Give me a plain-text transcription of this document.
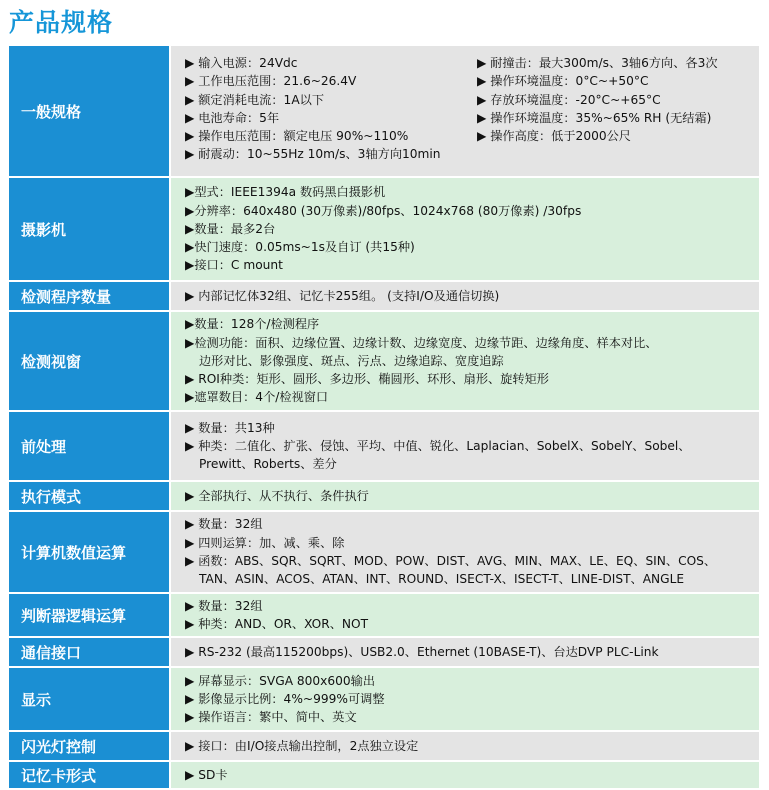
产品规格
一般规格
▶ 输入电源：24Vdc
▶ 工作电压范围：21.6~26.4V
▶ 额定消耗电流：1A以下
▶ 电池寿命：5年
▶ 操作电压范围：额定电压 90%~110%
▶ 耐震动：10~55Hz 10m/s、3轴方向10min
▶ 耐撞击：最大300m/s、3轴6方向、各3次
▶ 操作环境温度：0°C~+50°C
▶ 存放环境温度：-20°C~+65°C
▶ 操作环境温度：35%~65% RH (无结霜)
▶ 操作高度：低于2000公尺
摄影机
▶型式：IEEE1394a 数码黑白摄影机
▶分辨率：640x480 (30万像素)/80fps、1024x768 (80万像素) /30fps
▶数量：最多2台
▶快门速度：0.05ms~1s及自订 (共15种)
▶接口：C mount
检测程序数量	▶ 内部记忆体32组、记忆卡255组。 (支持I/O及通信切换)
检测视窗
▶数量：128个/检测程序
▶检测功能：面积、边缘位置、边缘计数、边缘宽度、边缘节距、边缘角度、样本对比、
边形对比、影像强度、斑点、污点、边缘追踪、宽度追踪
▶ ROI种类：矩形、圆形、多边形、椭圆形、环形、扇形、旋转矩形
▶遮罩数目：4个/检视窗口
前处理
▶ 数量：共13种
▶ 种类：二值化、扩张、侵蚀、平均、中值、锐化、Laplacian、SobelX、SobelY、Sobel、
Prewitt、Roberts、差分
执行模式	▶ 全部执行、从不执行、条件执行
计算机数值运算
▶ 数量：32组
▶ 四则运算：加、减、乘、除
▶ 函数：ABS、SQR、SQRT、MOD、POW、DIST、AVG、MIN、MAX、LE、EQ、SIN、COS、
TAN、ASIN、ACOS、ATAN、INT、ROUND、ISECT-X、ISECT-T、LINE-DIST、ANGLE
判断器逻辑运算
▶ 数量：32组
▶ 种类：AND、OR、XOR、NOT
通信接口	▶ RS-232 (最高115200bps)、USB2.0、Ethernet (10BASE-T)、台达DVP PLC-Link
显示
▶ 屏幕显示：SVGA 800x600输出
▶ 影像显示比例：4%~999%可调整
▶ 操作语言：繁中、简中、英文
闪光灯控制	▶ 接口：由I/O接点输出控制，2点独立设定
记忆卡形式	▶ SD卡
